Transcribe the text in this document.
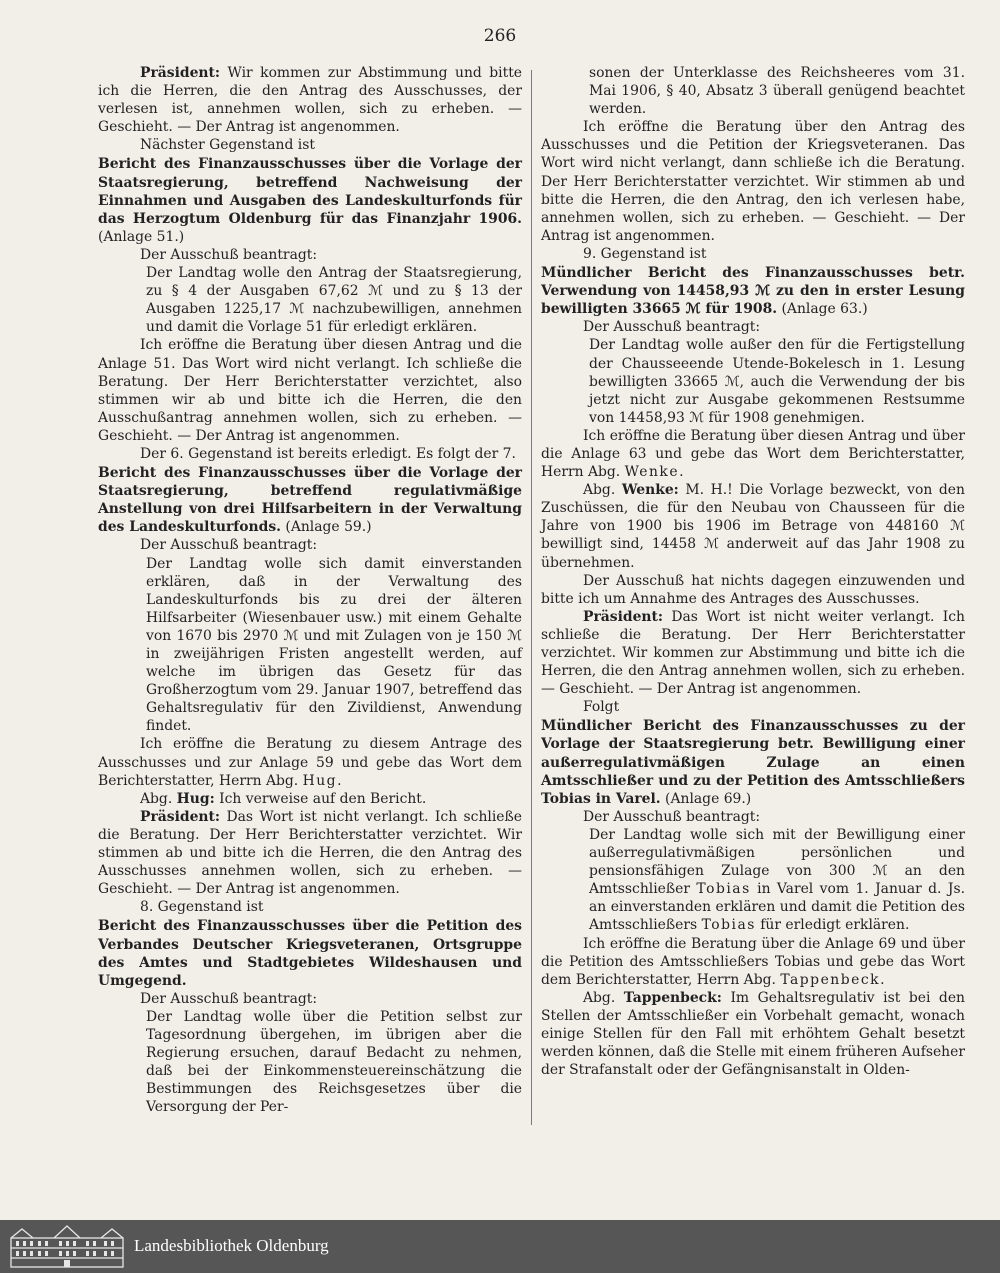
266

Präsident: Wir kommen zur Abstimmung und bitte ich die Herren, die den Antrag des Ausschusses, der verlesen ist, annehmen wollen, sich zu erheben. — Geschieht. — Der Antrag ist angenommen.

Nächster Gegenstand ist

Bericht des Finanzausschusses über die Vorlage der Staatsregierung, betreffend Nachweisung der Einnahmen und Ausgaben des Landeskulturfonds für das Herzogtum Oldenburg für das Finanzjahr 1906. (Anlage 51.)

Der Ausschuß beantragt:

Der Landtag wolle den Antrag der Staatsregierung, zu § 4 der Ausgaben 67,62 ℳ und zu § 13 der Ausgaben 1225,17 ℳ nachzubewilligen, annehmen und damit die Vorlage 51 für erledigt erklären.

Ich eröffne die Beratung über diesen Antrag und die Anlage 51. Das Wort wird nicht verlangt. Ich schließe die Beratung. Der Herr Berichterstatter verzichtet, also stimmen wir ab und bitte ich die Herren, die den Ausschußantrag annehmen wollen, sich zu erheben. — Geschieht. — Der Antrag ist angenommen.

Der 6. Gegenstand ist bereits erledigt. Es folgt der 7.

Bericht des Finanzausschusses über die Vorlage der Staatsregierung, betreffend regulativmäßige Anstellung von drei Hilfsarbeitern in der Verwaltung des Landeskulturfonds. (Anlage 59.)

Der Ausschuß beantragt:

Der Landtag wolle sich damit einverstanden erklären, daß in der Verwaltung des Landeskulturfonds bis zu drei der älteren Hilfsarbeiter (Wiesenbauer usw.) mit einem Gehalte von 1670 bis 2970 ℳ und mit Zulagen von je 150 ℳ in zweijährigen Fristen angestellt werden, auf welche im übrigen das Gesetz für das Großherzogtum vom 29. Januar 1907, betreffend das Gehaltsregulativ für den Zivildienst, Anwendung findet.

Ich eröffne die Beratung zu diesem Antrage des Ausschusses und zur Anlage 59 und gebe das Wort dem Berichterstatter, Herrn Abg. Hug.

Abg. Hug: Ich verweise auf den Bericht.

Präsident: Das Wort ist nicht verlangt. Ich schließe die Beratung. Der Herr Berichterstatter verzichtet. Wir stimmen ab und bitte ich die Herren, die den Antrag des Ausschusses annehmen wollen, sich zu erheben. — Geschieht. — Der Antrag ist angenommen.

8. Gegenstand ist

Bericht des Finanzausschusses über die Petition des Verbandes Deutscher Kriegsveteranen, Ortsgruppe des Amtes und Stadtgebietes Wildeshausen und Umgegend.

Der Ausschuß beantragt:

Der Landtag wolle über die Petition selbst zur Tagesordnung übergehen, im übrigen aber die Regierung ersuchen, darauf Bedacht zu nehmen, daß bei der Einkommensteuereinschätzung die Bestimmungen des Reichsgesetzes über die Versorgung der Per-

sonen der Unterklasse des Reichsheeres vom 31. Mai 1906, § 40, Absatz 3 überall genügend beachtet werden.

Ich eröffne die Beratung über den Antrag des Ausschusses und die Petition der Kriegsveteranen. Das Wort wird nicht verlangt, dann schließe ich die Beratung. Der Herr Berichterstatter verzichtet. Wir stimmen ab und bitte die Herren, die den Antrag, den ich verlesen habe, annehmen wollen, sich zu erheben. — Geschieht. — Der Antrag ist angenommen.

9. Gegenstand ist

Mündlicher Bericht des Finanzausschusses betr. Verwendung von 14458,93 ℳ zu den in erster Lesung bewilligten 33665 ℳ für 1908. (Anlage 63.)

Der Ausschuß beantragt:

Der Landtag wolle außer den für die Fertigstellung der Chausseeende Utende-Bokelesch in 1. Lesung bewilligten 33665 ℳ, auch die Verwendung der bis jetzt nicht zur Ausgabe gekommenen Restsumme von 14458,93 ℳ für 1908 genehmigen.

Ich eröffne die Beratung über diesen Antrag und über die Anlage 63 und gebe das Wort dem Berichterstatter, Herrn Abg. Wenke.

Abg. Wenke: M. H.! Die Vorlage bezweckt, von den Zuschüssen, die für den Neubau von Chausseen für die Jahre von 1900 bis 1906 im Betrage von 448160 ℳ bewilligt sind, 14458 ℳ anderweit auf das Jahr 1908 zu übernehmen.

Der Ausschuß hat nichts dagegen einzuwenden und bitte ich um Annahme des Antrages des Ausschusses.

Präsident: Das Wort ist nicht weiter verlangt. Ich schließe die Beratung. Der Herr Berichterstatter verzichtet. Wir kommen zur Abstimmung und bitte ich die Herren, die den Antrag annehmen wollen, sich zu erheben. — Geschieht. — Der Antrag ist angenommen.

Folgt

Mündlicher Bericht des Finanzausschusses zu der Vorlage der Staatsregierung betr. Bewilligung einer außerregulativmäßigen Zulage an einen Amtsschließer und zu der Petition des Amtsschließers Tobias in Varel. (Anlage 69.)

Der Ausschuß beantragt:

Der Landtag wolle sich mit der Bewilligung einer außerregulativmäßigen persönlichen und pensionsfähigen Zulage von 300 ℳ an den Amtsschließer Tobias in Varel vom 1. Januar d. Js. an einverstanden erklären und damit die Petition des Amtsschließers Tobias für erledigt erklären.

Ich eröffne die Beratung über die Anlage 69 und über die Petition des Amtsschließers Tobias und gebe das Wort dem Berichterstatter, Herrn Abg. Tappenbeck.

Abg. Tappenbeck: Im Gehaltsregulativ ist bei den Stellen der Amtsschließer ein Vorbehalt gemacht, wonach einige Stellen für den Fall mit erhöhtem Gehalt besetzt werden können, daß die Stelle mit einem früheren Aufseher der Strafanstalt oder der Gefängnisanstalt in Olden-

Landesbibliothek Oldenburg
